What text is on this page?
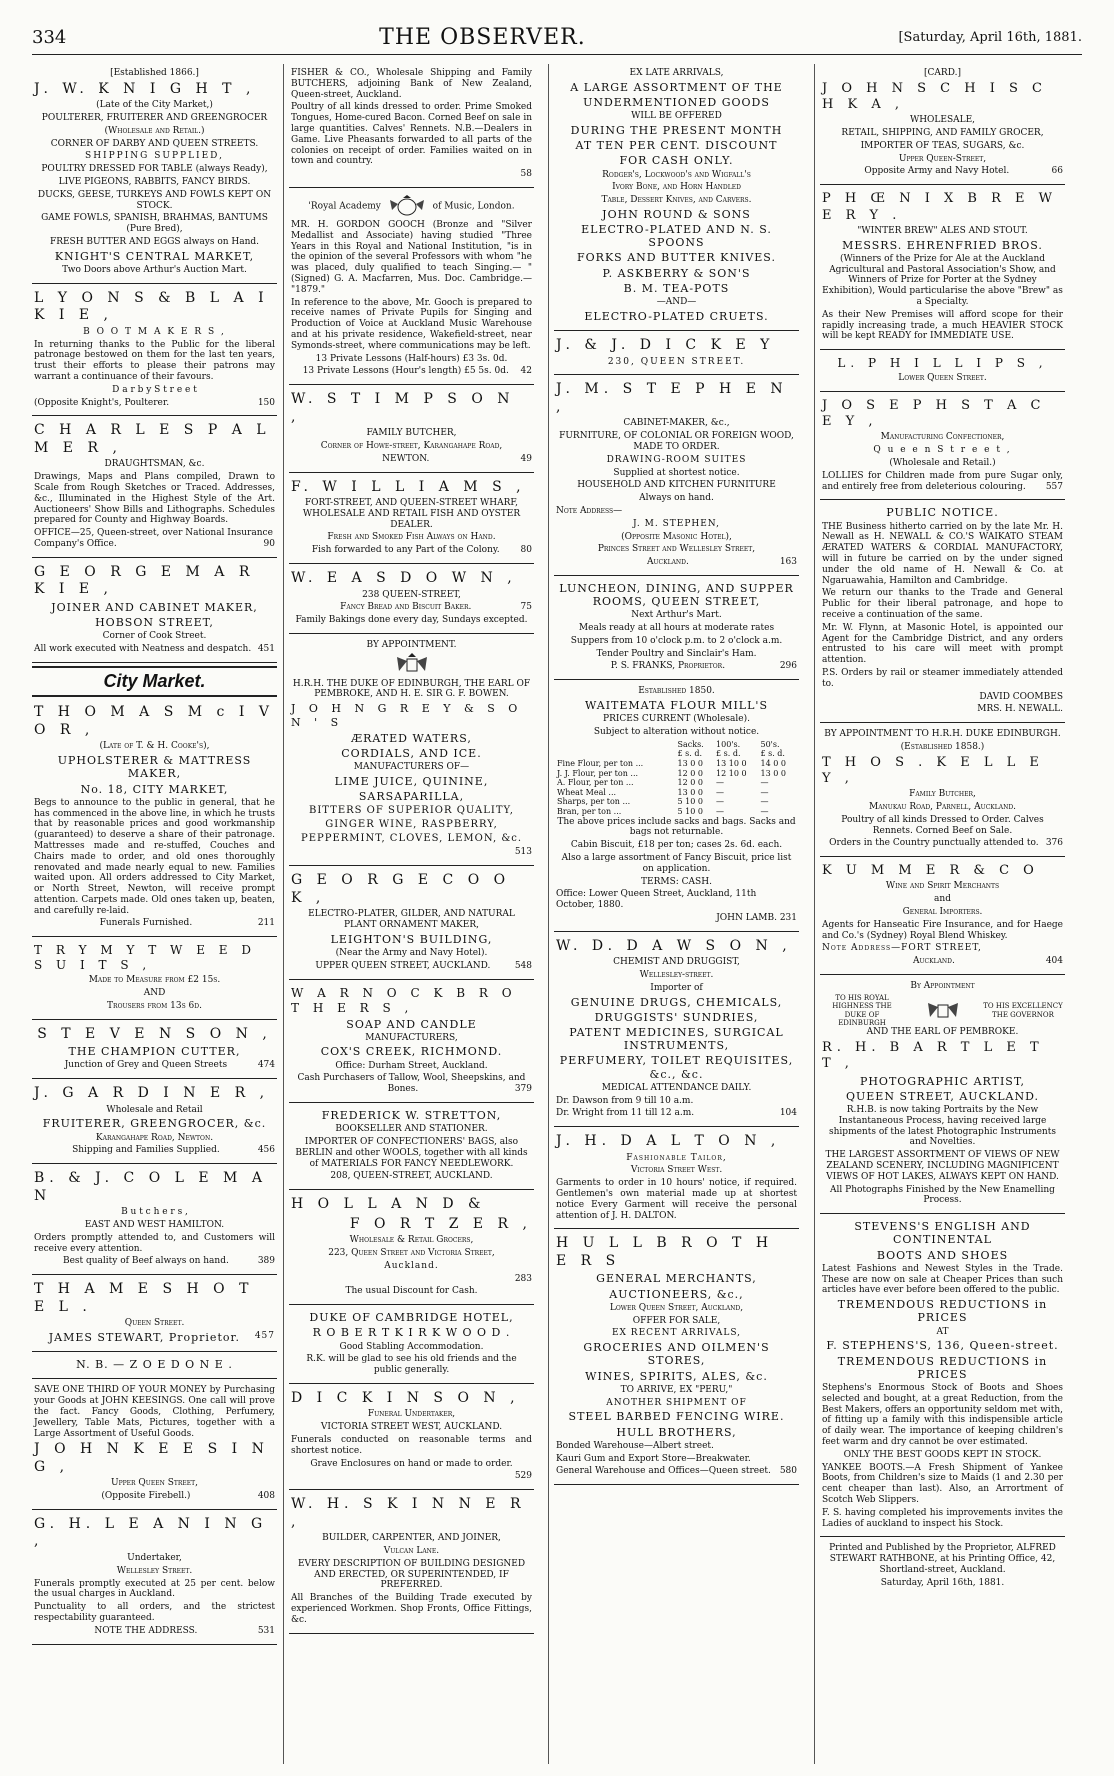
334	THE OBSERVER.	[Saturday, April 16th, 1881.

[Established 1866.]

J. W. K N I G H T ,

(Late of the City Market,)

POULTERER, FRUITERER AND GREENGROCER

(Wholesale and Retail.)

CORNER OF DARBY AND QUEEN STREETS.

SHIPPING SUPPLIED,

POULTRY DRESSED FOR TABLE (always Ready),

LIVE PIGEONS, RABBITS, FANCY BIRDS.

DUCKS, GEESE, TURKEYS AND FOWLS KEPT ON STOCK.

GAME FOWLS, SPANISH, BRAHMAS, BANTUMS (Pure Bred),

FRESH BUTTER AND EGGS always on Hand.

KNIGHT'S CENTRAL MARKET,

Two Doors above Arthur's Auction Mart.

L Y O N S & B L A I K I E ,

B O O T M A K E R S ,

In returning thanks to the Public for the liberal patronage bestowed on them for the last ten years, trust their efforts to please their patrons may warrant a continuance of their favours.

D a r b y S t r e e t

(Opposite Knight's, Poulterer.	150

C H A R L E S P A L M E R ,

DRAUGHTSMAN, &c.

Drawings, Maps and Plans compiled, Drawn to Scale from Rough Sketches or Traced. Addresses, &c., Illuminated in the Highest Style of the Art. Auctioneers' Show Bills and Lithographs. Schedules prepared for County and Highway Boards.

OFFICE—25, Queen-street, over National Insurance Company's Office.	90

G E O R G E M A R K I E ,

JOINER AND CABINET MAKER,

HOBSON STREET,

Corner of Cook Street.

All work executed with Neatness and despatch. 451

City Market.

T H O M A S M c I V O R ,

(Late of T. & H. Cooke's),

UPHOLSTERER & MATTRESS MAKER,

No. 18, CITY MARKET,

Begs to announce to the public in general, that he has commenced in the above line, in which he trusts that by reasonable prices and good workmanship (guaranteed) to deserve a share of their patronage. Mattresses made and re-stuffed, Couches and Chairs made to order, and old ones thoroughly renovated and made nearly equal to new. Families waited upon. All orders addressed to City Market, or North Street, Newton, will receive prompt attention. Carpets made. Old ones taken up, beaten, and carefully re-laid.

Funerals Furnished.	211

T R Y M Y T W E E D S U I T S ,

Made to Measure from £2 15s.

AND

Trousers from 13s 6d.

S T E V E N S O N ,

THE CHAMPION CUTTER,

Junction of Grey and Queen Streets	474

J. G A R D I N E R ,

Wholesale and Retail

FRUITERER, GREENGROCER, &c.

Karangahape Road, Newton.

Shipping and Families Supplied.	456

B. & J. C O L E M A N

B u t c h e r s ,

EAST AND WEST HAMILTON.

Orders promptly attended to, and Customers will receive every attention.

Best quality of Beef always on hand.	389

T H A M E S H O T E L .

Queen Street.

JAMES STEWART, Proprietor. 457

N. B. — Z O E D O N E .

SAVE ONE THIRD OF YOUR MONEY by Purchasing your Goods at JOHN KEESINGS. One call will prove the fact. Fancy Goods, Clothing, Perfumery, Jewellery, Table Mats, Pictures, together with a Large Assortment of Useful Goods.

J O H N K E E S I N G ,

Upper Queen Street,

(Opposite Firebell.)	408

G. H. L E A N I N G ,

Undertaker,

Wellesley Street.

Funerals promptly executed at 25 per cent. below the usual charges in Auckland.

Punctuality to all orders, and the strictest respectability guaranteed.

NOTE THE ADDRESS.	531

FISHER & CO., Wholesale Shipping and Family BUTCHERS, adjoining Bank of New Zealand, Queen-street, Auckland.

Poultry of all kinds dressed to order. Prime Smoked Tongues, Home-cured Bacon. Corned Beef on sale in large quantities. Calves' Rennets. N.B.—Dealers in Game. Live Pheasants forwarded to all parts of the colonies on receipt of order. Families waited on in town and country.

58

'Royal Academy	of Music, London.

MR. H. GORDON GOOCH (Bronze and "Silver Medallist and Associate) having studied "Three Years in this Royal and National Institution, "is in the opinion of the several Professors with whom "he was placed, duly qualified to teach Singing.— "(Signed) G. A. Macfarren, Mus. Doc. Cambridge.— "1879."

In reference to the above, Mr. Gooch is prepared to receive names of Private Pupils for Singing and Production of Voice at Auckland Music Warehouse and at his private residence, Wakefield-street, near Symonds-street, where communications may be left.

13 Private Lessons (Half-hours) £3 3s. 0d.

13 Private Lessons (Hour's length) £5 5s. 0d. 42

W. S T I M P S O N ,

FAMILY BUTCHER,

Corner of Howe-street, Karangahape Road,

NEWTON.	49

F. W I L L I A M S ,

FORT-STREET, AND QUEEN-STREET WHARF, WHOLESALE AND RETAIL FISH AND OYSTER DEALER.

Fresh and Smoked Fish Always on Hand.

Fish forwarded to any Part of the Colony. 80

W. E A S D O W N ,

238 QUEEN-STREET,

Fancy Bread and Biscuit Baker.	75

Family Bakings done every day, Sundays excepted.

BY APPOINTMENT.

H.R.H. THE DUKE OF EDINBURGH, THE EARL OF PEMBROKE, AND H. E. SIR G. F. BOWEN.

J O H N G R E Y & S O N ' S

ÆRATED WATERS,

CORDIALS, AND ICE.

MANUFACTURERS OF—

LIME JUICE, QUININE,

SARSAPARILLA,

BITTERS OF SUPERIOR QUALITY,

GINGER WINE, RASPBERRY,

PEPPERMINT, CLOVES, LEMON, &c.

513

G E O R G E C O O K ,

ELECTRO-PLATER, GILDER, AND NATURAL PLANT ORNAMENT MAKER,

LEIGHTON'S BUILDING,

(Near the Army and Navy Hotel).

UPPER QUEEN STREET, AUCKLAND.	548

W A R N O C K B R O T H E R S ,

SOAP AND CANDLE

MANUFACTURERS,

COX'S CREEK, RICHMOND.

Office: Durham Street, Auckland.

Cash Purchasers of Tallow, Wool, Sheepskins, and Bones.	379

FREDERICK W. STRETTON,

BOOKSELLER AND STATIONER.

IMPORTER OF CONFECTIONERS' BAGS, also BERLIN and other WOOLS, together with all kinds of MATERIALS FOR FANCY NEEDLEWORK.

208, QUEEN-STREET, AUCKLAND.

H O L L A N D &

F O R T Z E R ,

Wholesale & Retail Grocers,

223, Queen Street and Victoria Street,

Auckland.

283

The usual Discount for Cash.

DUKE OF CAMBRIDGE HOTEL,

R O B E R T K I R K W O O D .

Good Stabling Accommodation.

R.K. will be glad to see his old friends and the public generally.

D I C K I N S O N ,

Funeral Undertaker,

VICTORIA STREET WEST, AUCKLAND.

Funerals conducted on reasonable terms and shortest notice.

Grave Enclosures on hand or made to order.

529

W. H. S K I N N E R ,

BUILDER, CARPENTER, AND JOINER,

Vulcan Lane.

EVERY DESCRIPTION OF BUILDING DESIGNED AND ERECTED, OR SUPERINTENDED, IF PREFERRED.

All Branches of the Building Trade executed by experienced Workmen. Shop Fronts, Office Fittings, &c.

EX LATE ARRIVALS,

A LARGE ASSORTMENT OF THE

UNDERMENTIONED GOODS

WILL BE OFFERED

DURING THE PRESENT MONTH

AT TEN PER CENT. DISCOUNT

FOR CASH ONLY.

Rodger's, Lockwood's and Wigfall's

Ivory Bone, and Horn Handled

Table, Dessert Knives, and Carvers.

JOHN ROUND & SONS

ELECTRO-PLATED AND N. S. SPOONS

FORKS AND BUTTER KNIVES.

P. ASKBERRY & SON'S

B. M. TEA-POTS

—AND—

ELECTRO-PLATED CRUETS.

J. & J. D I C K E Y

230, QUEEN STREET.

J. M. S T E P H E N ,

CABINET-MAKER, &c.,

FURNITURE, OF COLONIAL OR FOREIGN WOOD, MADE TO ORDER.

DRAWING-ROOM SUITES

Supplied at shortest notice.

HOUSEHOLD AND KITCHEN FURNITURE

Always on hand.

Note Address—

J. M. STEPHEN,

(Opposite Masonic Hotel),

Princes Street and Wellesley Street,

Auckland.	163

LUNCHEON, DINING, AND SUPPER ROOMS, QUEEN STREET,

Next Arthur's Mart.

Meals ready at all hours at moderate rates

Suppers from 10 o'clock p.m. to 2 o'clock a.m.

Tender Poultry and Sinclair's Ham.

P. S. FRANKS, Proprietor.	296

Established 1850.

WAITEMATA FLOUR MILL'S

PRICES CURRENT (Wholesale).

Subject to alteration without notice.

	Sacks.	100's.	50's.
	£ s. d.	£ s. d.	£ s. d.
Fine Flour, per ton ...	13 0 0	13 10 0	14 0 0
J. J. Flour, per ton ...	12 0 0	12 10 0	13 0 0
A. Flour, per ton ...	12 0 0	—	—
Wheat Meal ...	13 0 0	—	—
Sharps, per ton ...	5 10 0	—	—
Bran, per ton ...	5 10 0	—	—

The above prices include sacks and bags. Sacks and bags not returnable.

Cabin Biscuit, £18 per ton; cases 2s. 6d. each.

Also a large assortment of Fancy Biscuit, price list on application.

TERMS: CASH.

Office: Lower Queen Street, Auckland, 11th October, 1880.

JOHN LAMB. 231

W. D. D A W S O N ,

CHEMIST AND DRUGGIST,

Wellesley-street.

Importer of

GENUINE DRUGS, CHEMICALS,

DRUGGISTS' SUNDRIES,

PATENT MEDICINES, SURGICAL INSTRUMENTS,

PERFUMERY, TOILET REQUISITES, &c., &c.

MEDICAL ATTENDANCE DAILY.

Dr. Dawson from 9 till 10 a.m.

Dr. Wright from 11 till 12 a.m.	104

J. H. D A L T O N ,

Fashionable Tailor,

Victoria Street West.

Garments to order in 10 hours' notice, if required. Gentlemen's own material made up at shortest notice Every Garment will receive the personal attention of J. H. DALTON.

H U L L B R O T H E R S

GENERAL MERCHANTS,

AUCTIONEERS, &c.,

Lower Queen Street, Auckland,

OFFER FOR SALE,

EX RECENT ARRIVALS,

GROCERIES AND OILMEN'S STORES,

WINES, SPIRITS, ALES, &c.

TO ARRIVE, EX "PERU,"

ANOTHER SHIPMENT OF

STEEL BARBED FENCING WIRE.

HULL BROTHERS,

Bonded Warehouse—Albert street.

Kauri Gum and Export Store—Breakwater.

General Warehouse and Offices—Queen street. 580

[CARD.]

J O H N S C H I S C H K A ,

WHOLESALE,

RETAIL, SHIPPING, AND FAMILY GROCER,

IMPORTER OF TEAS, SUGARS, &c.

Upper Queen-Street,

Opposite Army and Navy Hotel.	66

P H Œ N I X B R E W E R Y .

"WINTER BREW" ALES AND STOUT.

MESSRS. EHRENFRIED BROS.

(Winners of the Prize for Ale at the Auckland Agricultural and Pastoral Association's Show, and Winners of Prize for Porter at the Sydney Exhibition), Would particularise the above "Brew" as a Specialty.

As their New Premises will afford scope for their rapidly increasing trade, a much HEAVIER STOCK will be kept READY for IMMEDIATE USE.

L. P H I L L I P S ,

Lower Queen Street.

J O S E P H S T A C E Y ,

Manufacturing Confectioner,

Q u e e n S t r e e t ,

(Wholesale and Retail.)

LOLLIES for Children made from pure Sugar only, and entirely free from deleterious colouring. 557

PUBLIC NOTICE.

THE Business hitherto carried on by the late Mr. H. Newall as H. NEWALL & CO.'S WAIKATO STEAM ÆRATED WATERS & CORDIAL MANUFACTORY, will in future be carried on by the under signed under the old name of H. Newall & Co. at Ngaruawahia, Hamilton and Cambridge.

We return our thanks to the Trade and General Public for their liberal patronage, and hope to receive a continuation of the same.

Mr. W. Flynn, at Masonic Hotel, is appointed our Agent for the Cambridge District, and any orders entrusted to his care will meet with prompt attention.

P.S. Orders by rail or steamer immediately attended to.

DAVID COOMBES

MRS. H. NEWALL.

BY APPOINTMENT TO H.R.H. DUKE EDINBURGH.

(Established 1858.)

T H O S . K E L L E Y ,

Family Butcher,

Manukau Road, Parnell, Auckland.

Poultry of all kinds Dressed to Order. Calves Rennets. Corned Beef on Sale.

Orders in the Country punctually attended to. 376

K U M M E R & C O

Wine and Spirit Merchants

and

General Importers.

Agents for Hanseatic Fire Insurance, and for Haege and Co.'s (Sydney) Royal Blend Whiskey.

Note Address—FORT STREET,

Auckland.	404

By Appointment

TO HIS ROYAL HIGHNESS THE DUKE OF EDINBURGH
TO HIS EXCELLENCY THE GOVERNOR

AND THE EARL OF PEMBROKE.

R. H. B A R T L E T T ,

PHOTOGRAPHIC ARTIST,

QUEEN STREET, AUCKLAND.

R.H.B. is now taking Portraits by the New Instantaneous Process, having received large shipments of the latest Photographic Instruments and Novelties.

THE LARGEST ASSORTMENT OF VIEWS OF NEW ZEALAND SCENERY, INCLUDING MAGNIFICENT VIEWS OF HOT LAKES, ALWAYS KEPT ON HAND.

All Photographs Finished by the New Enamelling Process.

STEVENS'S ENGLISH AND CONTINENTAL

BOOTS AND SHOES

Latest Fashions and Newest Styles in the Trade. These are now on sale at Cheaper Prices than such articles have ever before been offered to the public.

TREMENDOUS REDUCTIONS in PRICES

AT

F. STEPHENS'S, 136, Queen-street.

TREMENDOUS REDUCTIONS in PRICES

Stephens's Enormous Stock of Boots and Shoes selected and bought, at a great Reduction, from the Best Makers, offers an opportunity seldom met with, of fitting up a family with this indispensible article of daily wear. The importance of keeping children's feet warm and dry cannot be over estimated.

ONLY THE BEST GOODS KEPT IN STOCK.

YANKEE BOOTS.—A Fresh Shipment of Yankee Boots, from Children's size to Maids (1 and 2.30 per cent cheaper than last). Also, an Arrortment of Scotch Web Slippers.

F. S. having completed his improvements invites the Ladies of auckland to inspect his Stock.

Printed and Published by the Proprietor, ALFRED STEWART RATHBONE, at his Printing Office, 42, Shortland-street, Auckland.

Saturday, April 16th, 1881.
